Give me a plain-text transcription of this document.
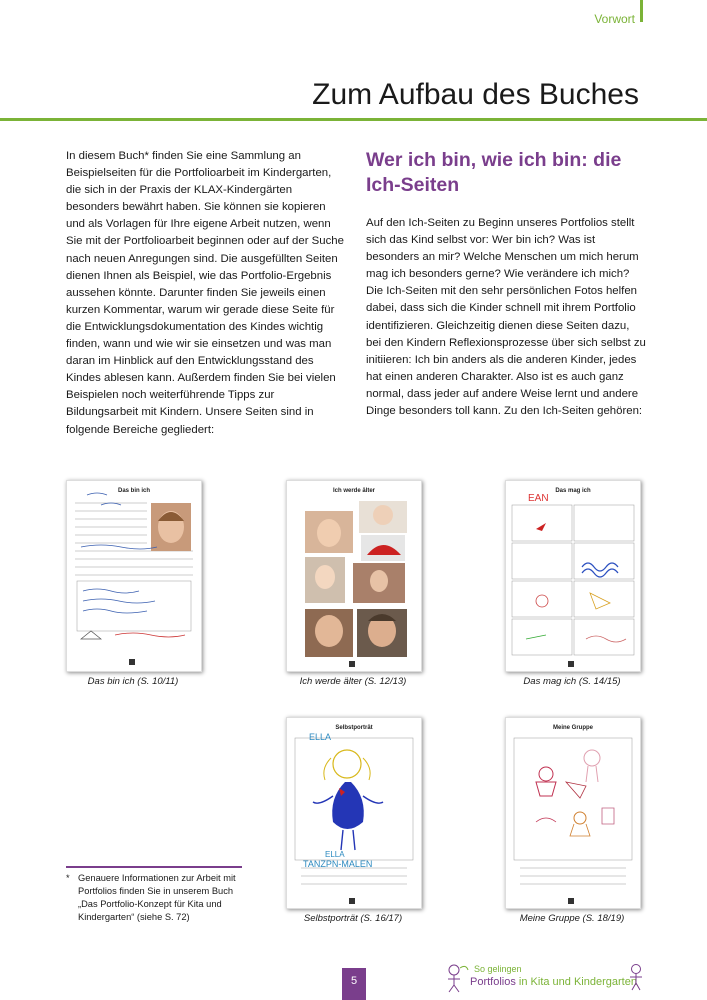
Vorwort
Zum Aufbau des Buches

In diesem Buch* finden Sie eine Sammlung an Beispielseiten für die Portfolioarbeit im Kindergarten, die sich in der Praxis der KLAX-Kindergärten besonders bewährt haben. Sie können sie kopieren und als Vorlagen für Ihre eigene Arbeit nutzen, wenn Sie mit der Portfolioarbeit beginnen oder auf der Suche nach neuen Anregungen sind. Die ausgefüllten Seiten dienen Ihnen als Beispiel, wie das Portfolio-Ergebnis aussehen könnte. Darunter finden Sie jeweils einen kurzen Kommentar, warum wir gerade diese Seite für die Entwicklungsdokumentation des Kindes wichtig finden, wann und wie wir sie einsetzen und was man daran im Hinblick auf den Entwicklungsstand des Kindes ablesen kann. Außerdem finden Sie bei vielen Beispielen noch weiterführende Tipps zur Bildungsarbeit mit Kindern. Unsere Seiten sind in folgende Bereiche gegliedert:

Wer ich bin, wie ich bin: die Ich-Seiten

Auf den Ich-Seiten zu Beginn unseres Portfolios stellt sich das Kind selbst vor: Wer bin ich? Was ist besonders an mir? Welche Menschen um mich herum mag ich besonders gerne? Wie verändere ich mich? Die Ich-Seiten mit den sehr persönlichen Fotos helfen dabei, dass sich die Kinder schnell mit ihrem Portfolio identifizieren. Gleichzeitig dienen diese Seiten dazu, bei den Kindern Reflexionsprozesse über sich selbst zu initiieren: Ich bin anders als die anderen Kinder, jedes hat einen anderen Charakter. Also ist es auch ganz normal, dass jeder auf andere Weise lernt und andere Dinge besonders toll kann. Zu den Ich-Seiten gehören:

Das bin ich
Das bin ich (S. 10/11)
Ich werde älter
Ich werde älter (S. 12/13)
Das mag ich
EAN
Das mag ich (S. 14/15)
Selbstporträt
ELLA
ELLA
TANZPN-MALEN
Selbstporträt (S. 16/17)
Meine Gruppe
Meine Gruppe (S. 18/19)
* Genauere Informationen zur Arbeit mit Portfolios finden Sie in unserem Buch „Das Portfolio-Konzept für Kita und Kindergarten“ (siehe S. 72)
5
So gelingen
Portfolios in Kita und Kindergarten
